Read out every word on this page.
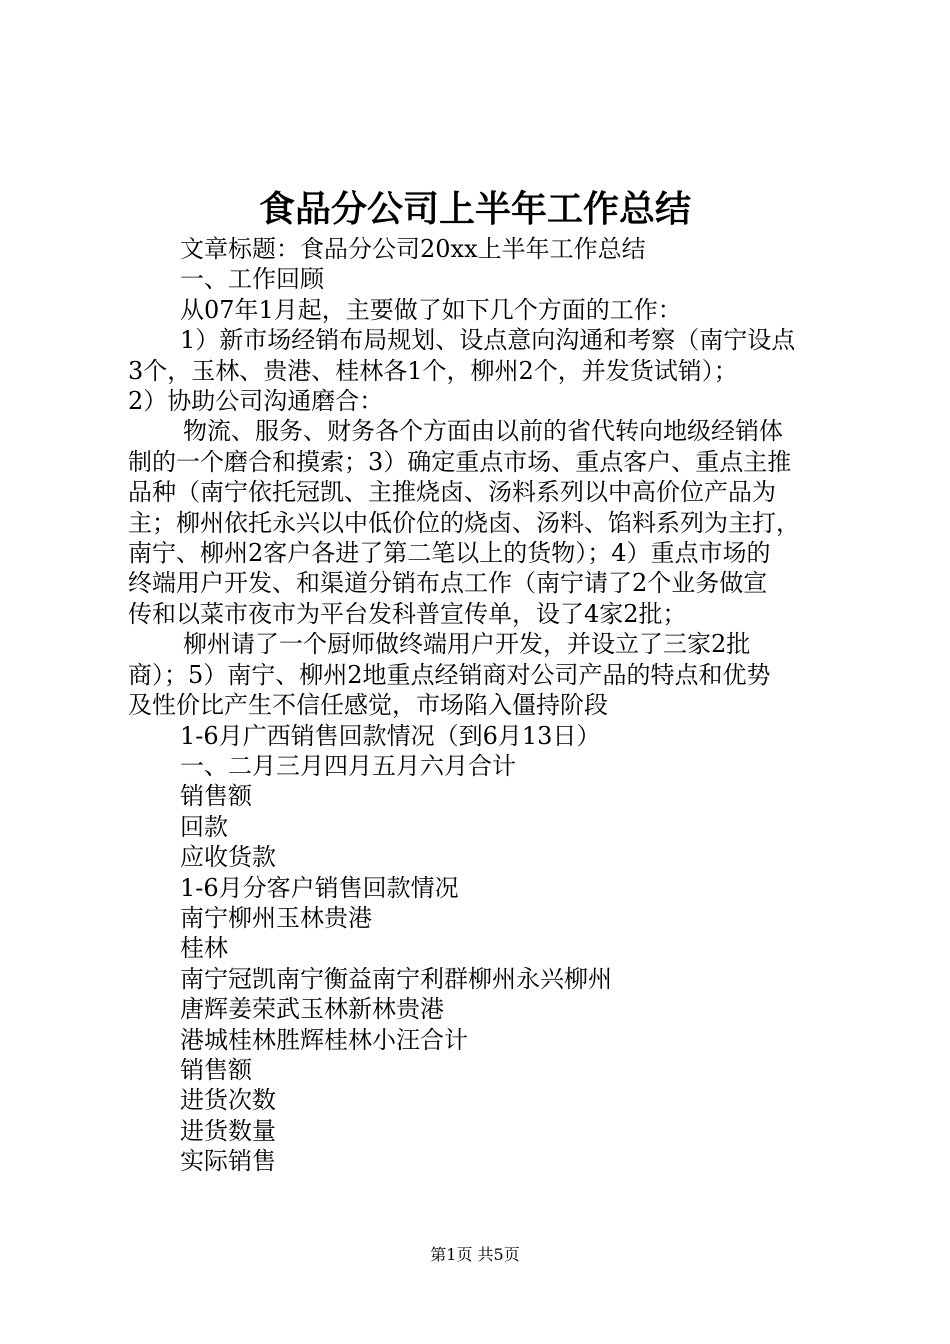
食品分公司上半年工作总结
文章标题：食品分公司20xx上半年工作总结
一、工作回顾
从07年1月起，主要做了如下几个方面的工作：
1）新市场经销布局规划、设点意向沟通和考察（南宁设点
3个，玉林、贵港、桂林各1个，柳州2个，并发货试销）；
2）协助公司沟通磨合：
物流、服务、财务各个方面由以前的省代转向地级经销体
制的一个磨合和摸索；3）确定重点市场、重点客户、重点主推
品种（南宁依托冠凯、主推烧卤、汤料系列以中高价位产品为
主；柳州依托永兴以中低价位的烧卤、汤料、馅料系列为主打，
南宁、柳州2客户各进了第二笔以上的货物）；4）重点市场的
终端用户开发、和渠道分销布点工作（南宁请了2个业务做宣
传和以菜市夜市为平台发科普宣传单，设了4家2批；
柳州请了一个厨师做终端用户开发，并设立了三家2批
商）；5）南宁、柳州2地重点经销商对公司产品的特点和优势
及性价比产生不信任感觉，市场陷入僵持阶段
1-6月广西销售回款情况（到6月13日）
一、二月三月四月五月六月合计
销售额
回款
应收货款
1-6月分客户销售回款情况
南宁柳州玉林贵港
桂林
南宁冠凯南宁衡益南宁利群柳州永兴柳州
唐辉姜荣武玉林新林贵港
港城桂林胜辉桂林小汪合计
销售额
进货次数
进货数量
实际销售
第1页 共5页
